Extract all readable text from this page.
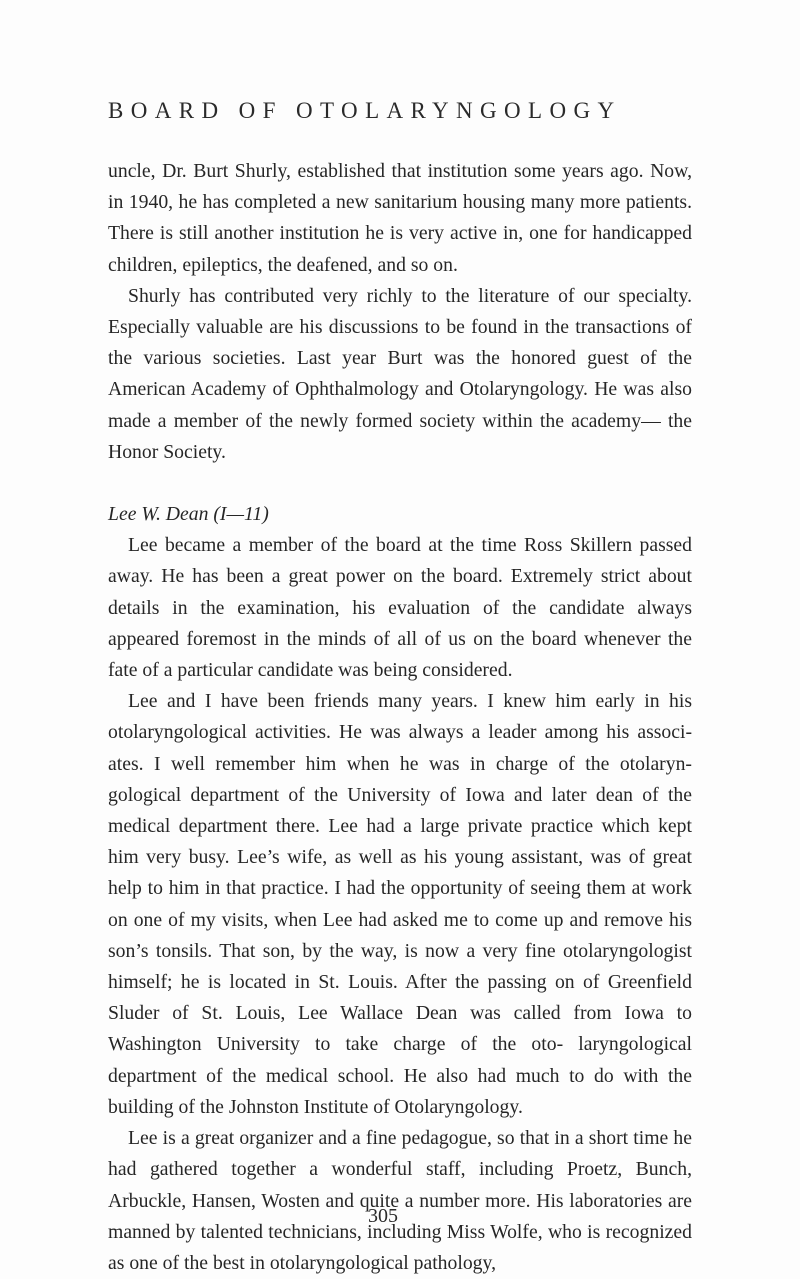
BOARD OF OTOLARYNGOLOGY

uncle, Dr. Burt Shurly, established that institution some years ago. Now, in 1940, he has completed a new sanitarium housing many more patients. There is still another institution he is very active in, one for handicapped children, epileptics, the deafened, and so on.

Shurly has contributed very richly to the literature of our specialty. Especially valuable are his discussions to be found in the transactions of the various societies. Last year Burt was the honored guest of the American Academy of Ophthalmology and Otolaryngology. He was also made a member of the newly formed society within the academy— the Honor Society.

Lee W. Dean (I—11)

Lee became a member of the board at the time Ross Skillern passed away. He has been a great power on the board. Extremely strict about details in the examination, his evaluation of the candidate always appeared foremost in the minds of all of us on the board whenever the fate of a particular candidate was being considered.

Lee and I have been friends many years. I knew him early in his otolaryngological activities. He was always a leader among his associ- ates. I well remember him when he was in charge of the otolaryn- gological department of the University of Iowa and later dean of the medical department there. Lee had a large private practice which kept him very busy. Lee’s wife, as well as his young assistant, was of great help to him in that practice. I had the opportunity of seeing them at work on one of my visits, when Lee had asked me to come up and remove his son’s tonsils. That son, by the way, is now a very fine otolaryngologist himself; he is located in St. Louis. After the passing on of Greenfield Sluder of St. Louis, Lee Wallace Dean was called from Iowa to Washington University to take charge of the oto- laryngological department of the medical school. He also had much to do with the building of the Johnston Institute of Otolaryngology.

Lee is a great organizer and a fine pedagogue, so that in a short time he had gathered together a wonderful staff, including Proetz, Bunch, Arbuckle, Hansen, Wosten and quite a number more. His laboratories are manned by talented technicians, including Miss Wolfe, who is recognized as one of the best in otolaryngological pathology,

305
